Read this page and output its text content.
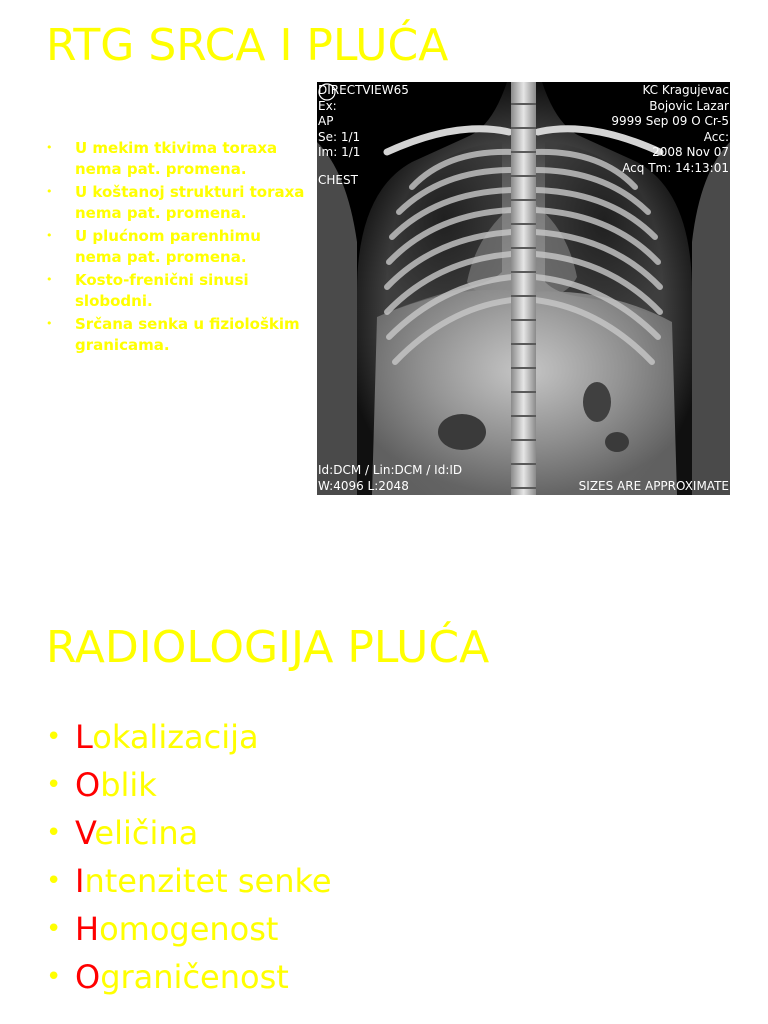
RTG SRCA I PLUĆA
• U mekim tkivima toraxa nema pat. promena.
• U koštanoj strukturi toraxa nema pat. promena.
• U plućnom parenhimu nema pat. promena.
• Kosto-frenični sinusi slobodni.
• Srčana senka u fiziološkim granicama.
DIRECTVIEW65
Ex:
AP
Se: 1/1
Im: 1/1
CHEST
KC Kragujevac
Bojovic Lazar
9999 Sep 09 O Cr-5
Acc:
2008 Nov 07
Acq Tm: 14:13:01
Id:DCM / Lin:DCM / Id:ID
W:4096 L:2048	SIZES ARE APPROXIMATE
RADIOLOGIJA PLUĆA
• Lokalizacija
• Oblik
• Veličina
• Intenzitet senke
• Homogenost
• Ograničenost
